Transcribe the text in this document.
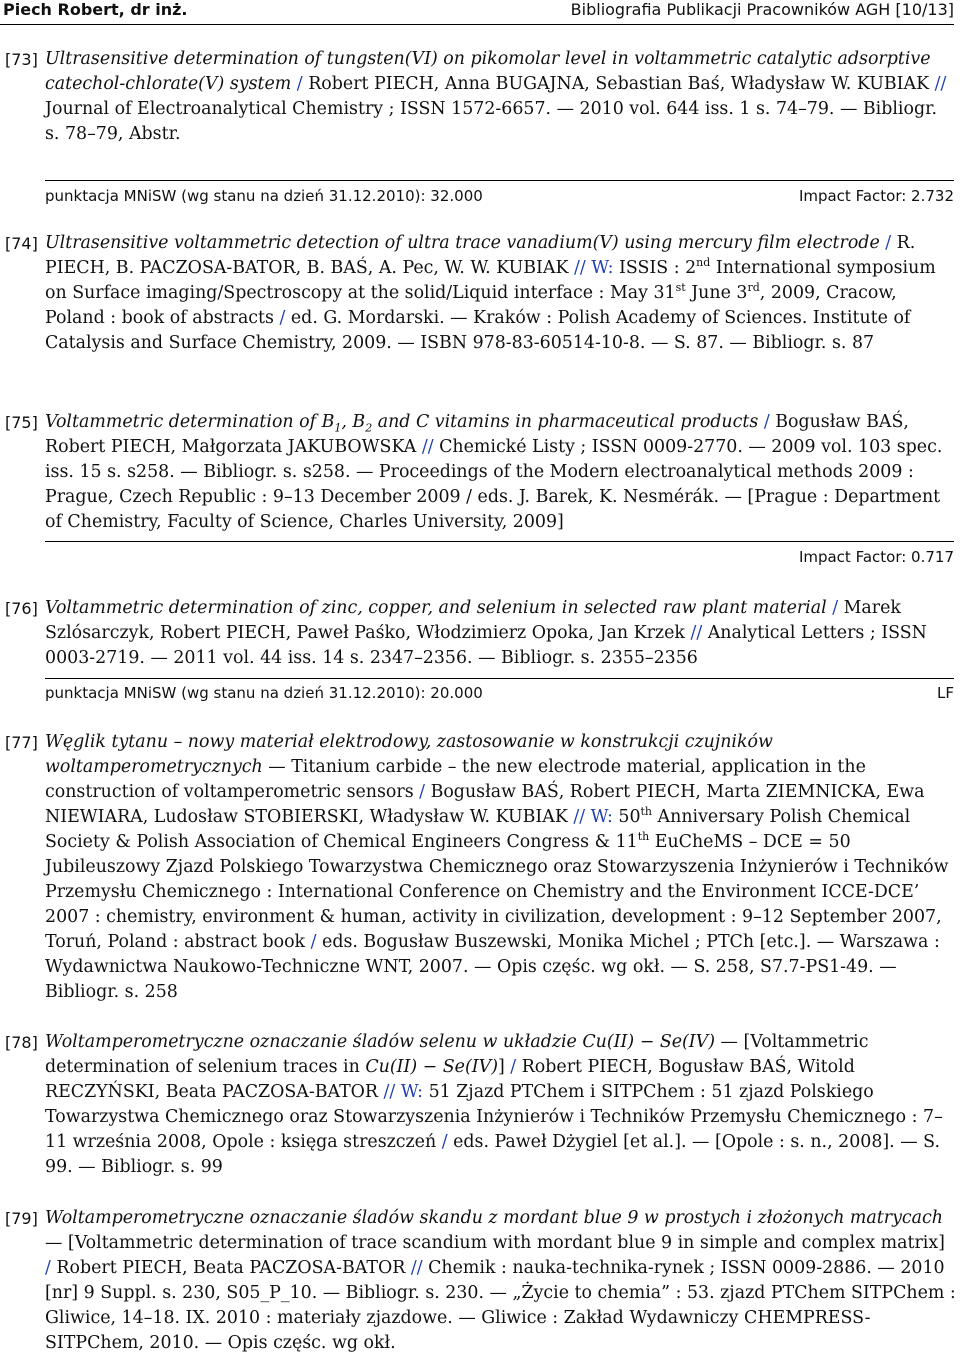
Piech Robert, dr inż.	Bibliografia Publikacji Pracowników AGH [10/13]
[73] Ultrasensitive determination of tungsten(VI) on pikomolar level in voltammetric catalytic adsorptive catechol-chlorate(V) system / Robert PIECH, Anna BUGAJNA, Sebastian Baś, Władysław W. KUBIAK // Journal of Electroanalytical Chemistry ; ISSN 1572-6657. — 2010 vol. 644 iss. 1 s. 74–79. — Bibliogr. s. 78–79, Abstr.
punktacja MNiSW (wg stanu na dzień 31.12.2010): 32.000	Impact Factor: 2.732
[74] Ultrasensitive voltammetric detection of ultra trace vanadium(V) using mercury film electrode / R. PIECH, B. PACZOSA-BATOR, B. BAŚ, A. Pec, W. W. KUBIAK // W: ISSIS : 2nd International symposium on Surface imaging/Spectroscopy at the solid/Liquid interface : May 31st June 3rd, 2009, Cracow, Poland : book of abstracts / ed. G. Mordarski. — Kraków : Polish Academy of Sciences. Institute of Catalysis and Surface Chemistry, 2009. — ISBN 978-83-60514-10-8. — S. 87. — Bibliogr. s. 87
[75] Voltammetric determination of $B_1$, $B_2$ and C vitamins in pharmaceutical products / Bogusław BAŚ, Robert PIECH, Małgorzata JAKUBOWSKA // Chemické Listy ; ISSN 0009-2770. — 2009 vol. 103 spec. iss. 15 s. s258. — Bibliogr. s. s258. — Proceedings of the Modern electroanalytical methods 2009 : Prague, Czech Republic : 9–13 December 2009 / eds. J. Barek, K. Nesmérák. — [Prague : Department of Chemistry, Faculty of Science, Charles University, 2009]
Impact Factor: 0.717
[76] Voltammetric determination of zinc, copper, and selenium in selected raw plant material / Marek Szlósarczyk, Robert PIECH, Paweł Paśko, Włodzimierz Opoka, Jan Krzek // Analytical Letters ; ISSN 0003-2719. — 2011 vol. 44 iss. 14 s. 2347–2356. — Bibliogr. s. 2355–2356
punktacja MNiSW (wg stanu na dzień 31.12.2010): 20.000	LF
[77] Węglik tytanu – nowy materiał elektrodowy, zastosowanie w konstrukcji czujników woltamperometrycznych — Titanium carbide – the new electrode material, application in the construction of voltamperometric sensors / Bogusław BAŚ, Robert PIECH, Marta ZIEMNICKA, Ewa NIEWIARA, Ludosław STOBIERSKI, Władysław W. KUBIAK // W: 50th Anniversary Polish Chemical Society & Polish Association of Chemical Engineers Congress & 11th EuCheMS – DCE = 50 Jubileuszowy Zjazd Polskiego Towarzystwa Chemicznego oraz Stowarzyszenia Inżynierów i Techników Przemysłu Chemicznego : International Conference on Chemistry and the Environment ICCE-DCE’ 2007 : chemistry, environment & human, activity in civilization, development : 9–12 September 2007, Toruń, Poland : abstract book / eds. Bogusław Buszewski, Monika Michel ; PTCh [etc.]. — Warszawa : Wydawnictwa Naukowo-Techniczne WNT, 2007. — Opis częśc. wg okł. — S. 258, S7.7-PS1-49. — Bibliogr. s. 258
[78] Woltamperometryczne oznaczanie śladów selenu w układzie Cu(II) − Se(IV) — [Voltammetric determination of selenium traces in Cu(II) − Se(IV)] / Robert PIECH, Bogusław BAŚ, Witold RECZYŃSKI, Beata PACZOSA-BATOR // W: 51 Zjazd PTChem i SITPChem : 51 zjazd Polskiego Towarzystwa Chemicznego oraz Stowarzyszenia Inżynierów i Techników Przemysłu Chemicznego : 7–11 września 2008, Opole : księga streszczeń / eds. Paweł Dżygiel [et al.]. — [Opole : s. n., 2008]. — S. 99. — Bibliogr. s. 99
[79] Woltamperometryczne oznaczanie śladów skandu z mordant blue 9 w prostych i złożonych matrycach — [Voltammetric determination of trace scandium with mordant blue 9 in simple and complex matrix] / Robert PIECH, Beata PACZOSA-BATOR // Chemik : nauka-technika-rynek ; ISSN 0009-2886. — 2010 [nr] 9 Suppl. s. 230, S05_P_10. — Bibliogr. s. 230. — „Życie to chemia” : 53. zjazd PTChem SITPChem : Gliwice, 14–18. IX. 2010 : materiały zjazdowe. — Gliwice : Zakład Wydawniczy CHEMPRESS-SITPChem, 2010. — Opis częśc. wg okł.
